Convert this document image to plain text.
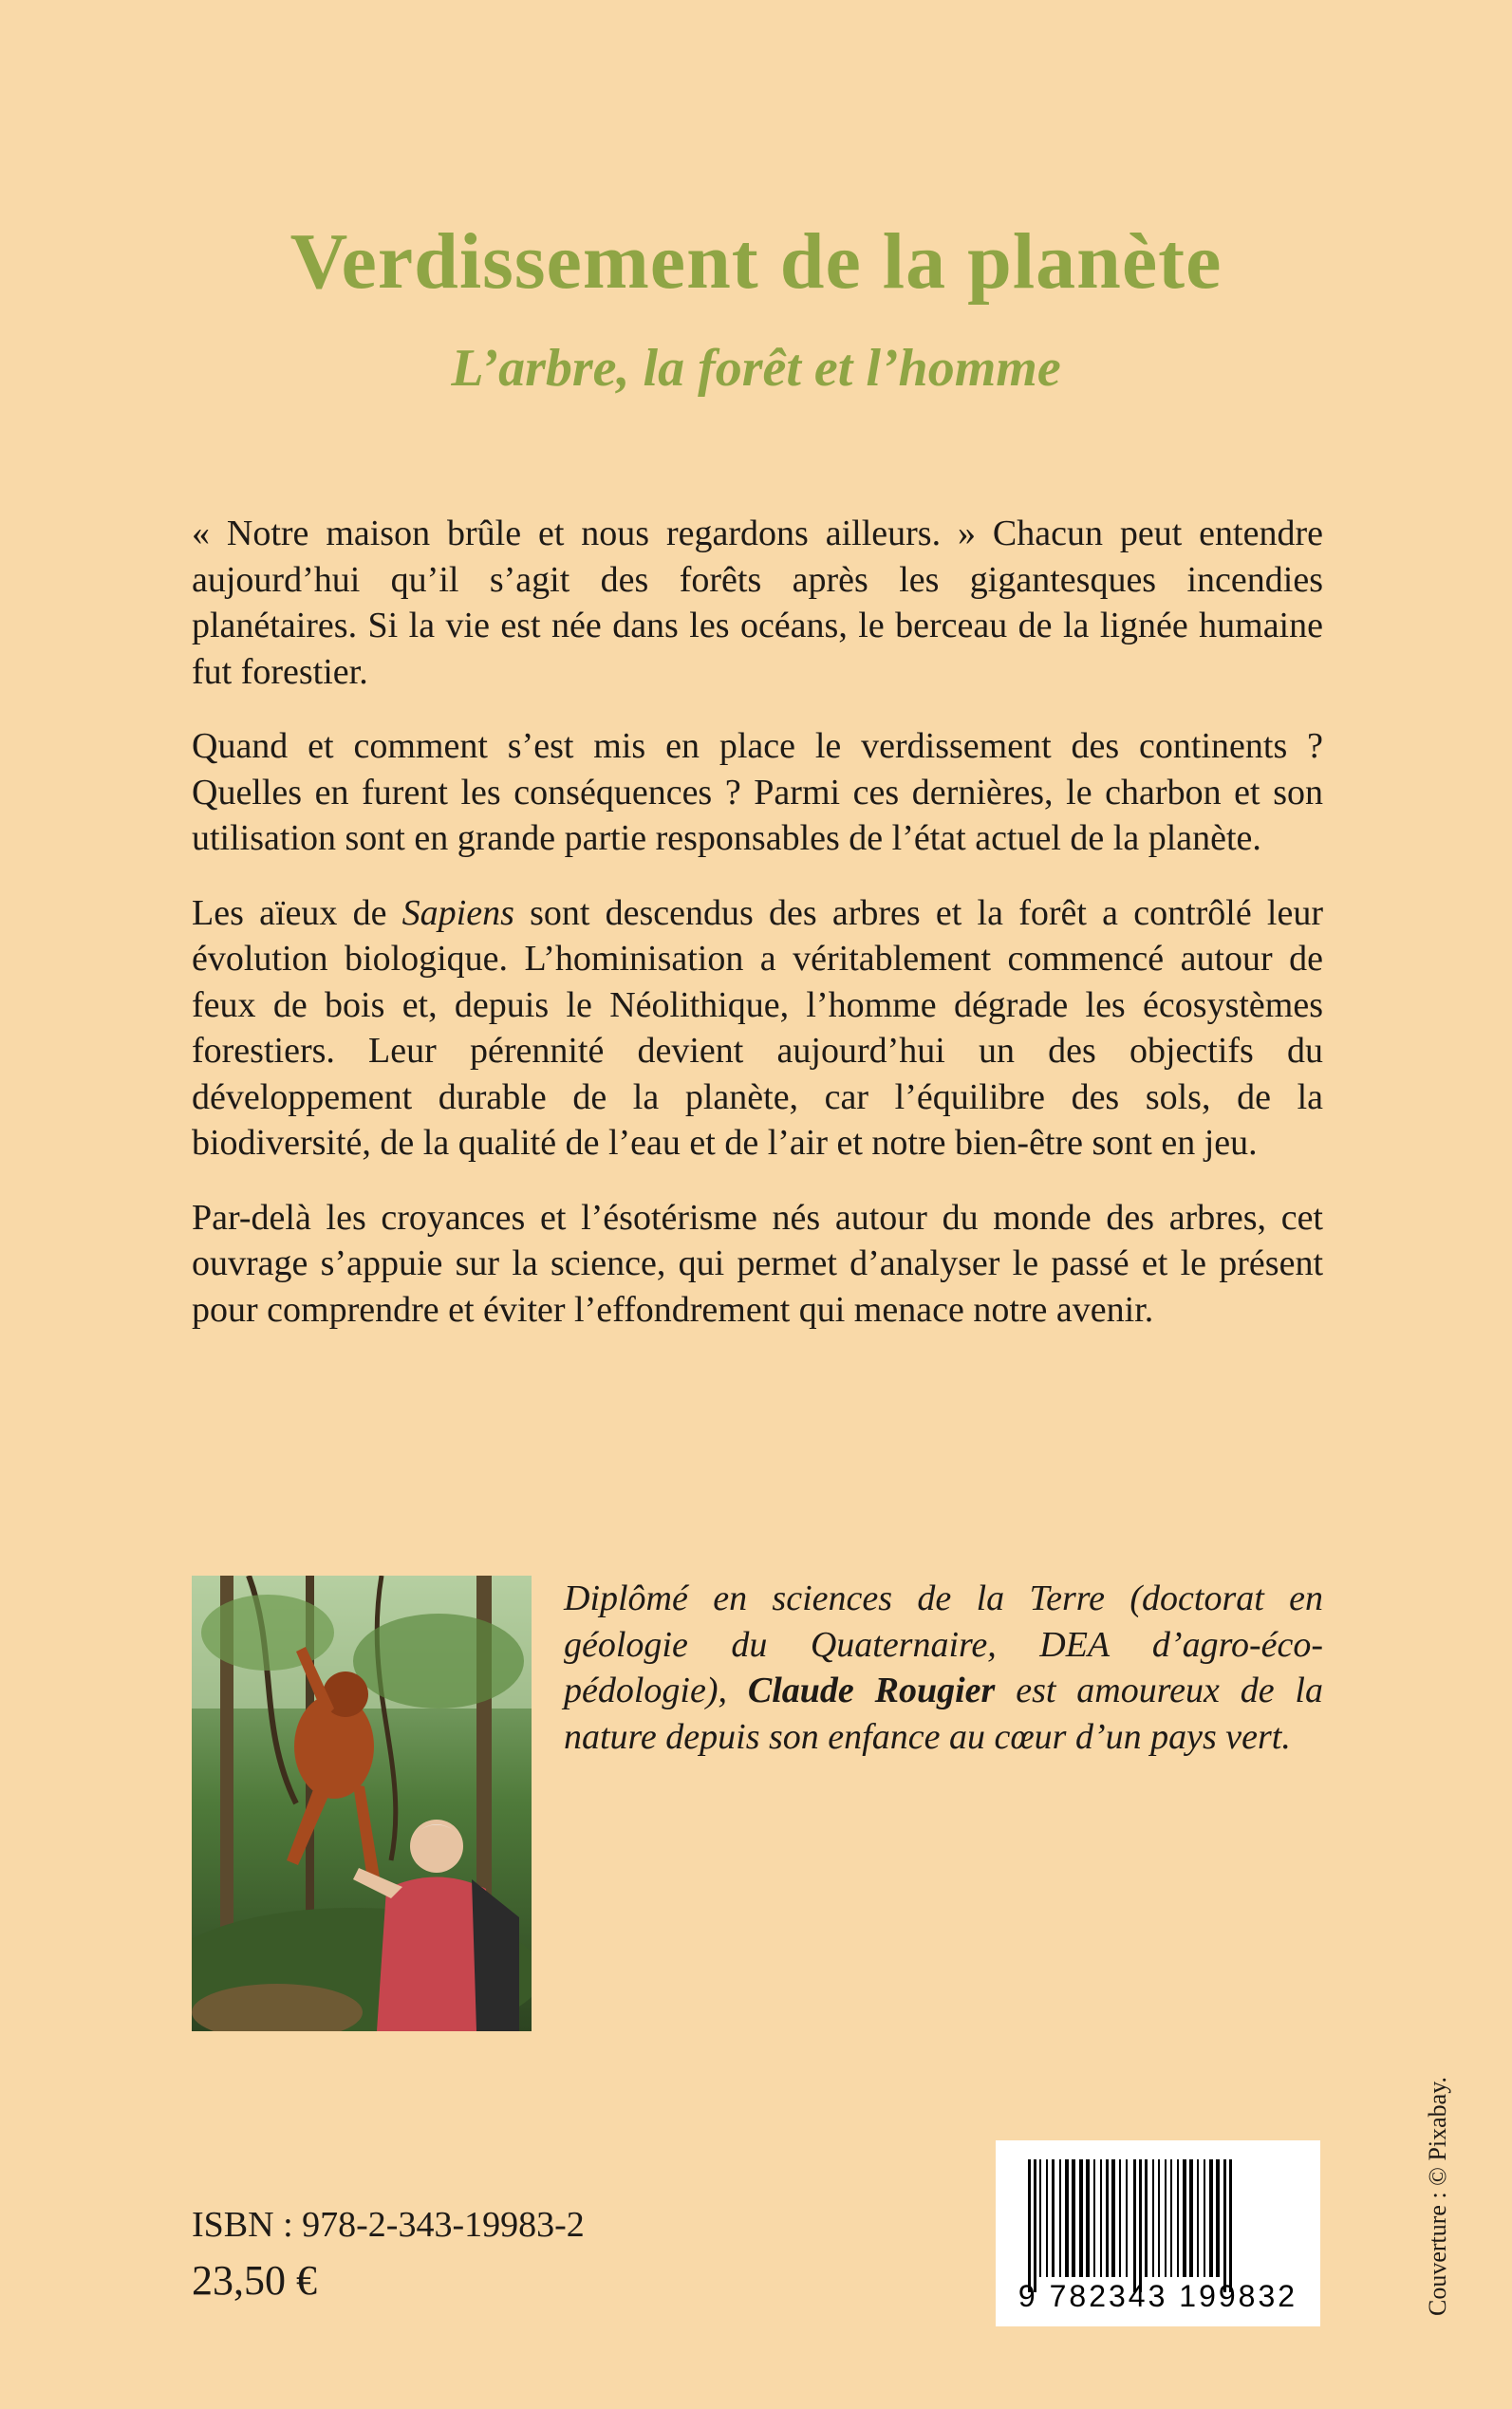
Verdissement de la planète
L’arbre, la forêt et l’homme

« Notre maison brûle et nous regardons ailleurs. » Chacun peut entendre aujourd’hui qu’il s’agit des forêts après les gigantesques incendies planétaires. Si la vie est née dans les océans, le berceau de la lignée humaine fut forestier.

Quand et comment s’est mis en place le verdissement des continents ? Quelles en furent les conséquences ? Parmi ces dernières, le charbon et son utilisation sont en grande partie responsables de l’état actuel de la planète.

Les aïeux de Sapiens sont descendus des arbres et la forêt a contrôlé leur évolution biologique. L’hominisation a véritablement commencé autour de feux de bois et, depuis le Néolithique, l’homme dégrade les écosystèmes forestiers. Leur pérennité devient aujourd’hui un des objectifs du développement durable de la planète, car l’équilibre des sols, de la biodiversité, de la qualité de l’eau et de l’air et notre bien-être sont en jeu.

Par-delà les croyances et l’ésotérisme nés autour du monde des arbres, cet ouvrage s’appuie sur la science, qui permet d’analyser le passé et le présent pour comprendre et éviter l’effondrement qui menace notre avenir.

Diplômé en sciences de la Terre (doctorat en géologie du Quaternaire, DEA d’agro-éco-pédologie), Claude Rougier est amoureux de la nature depuis son enfance au cœur d’un pays vert.

ISBN : 978-2-343-19983-2

23,50 €	9 782343 199832	Couverture : © Pixabay.
